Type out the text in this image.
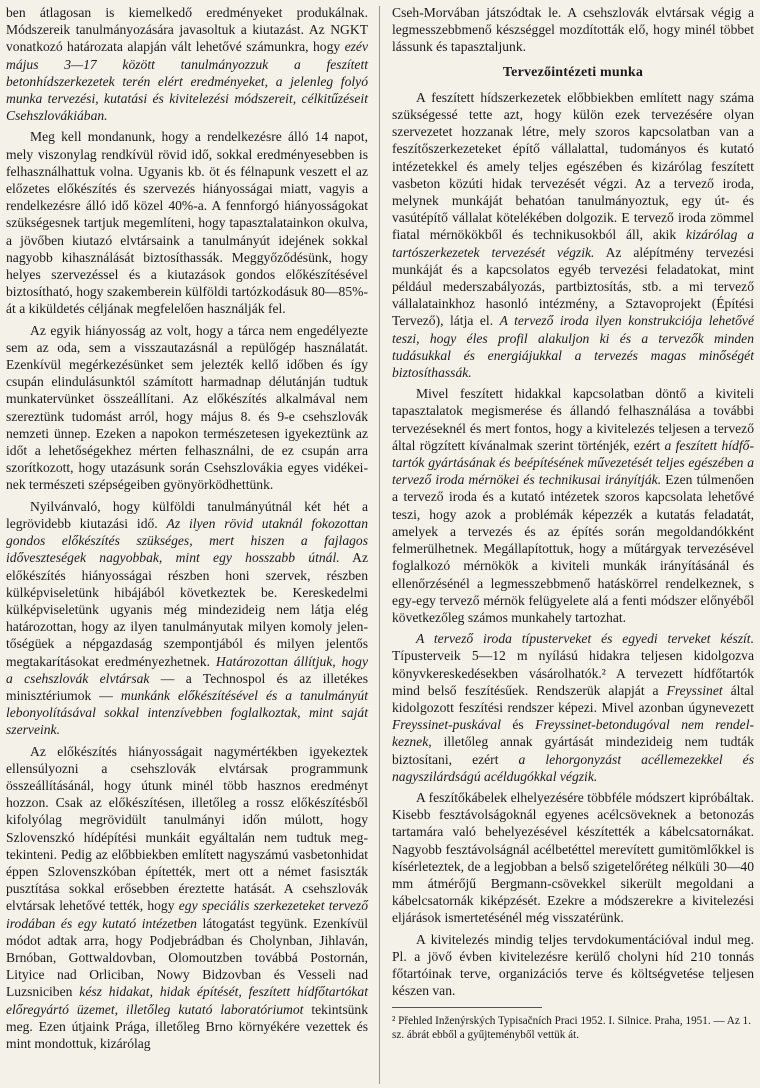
ben átlagosan is kiemelkedő eredményeket produkálnak. Módszereik tanulmányozására javasoltuk a kiutazást. Az NGKT vonatkozó határozata alapján vált lehetővé számunkra, hogy ezév május 3—17 között tanulmányozzuk a feszített betonhídszerkezetek terén elért eredményeket, a jelenleg folyó munka tervezési, kutatási és kivitelezési módszereit, célkitűzéseit Csehszlovákiában.

Meg kell mondanunk, hogy a rendelkezésre álló 14 napot, mely viszonylag rendkívül rövid idő, sokkal eredményesebben is felhasználhattuk volna. Ugyanis kb. öt és félnapunk veszett el az előzetes előkészítés és szervezés hiányosságai miatt, vagyis a rendelkezésre álló idő közel 40%-a. A fennforgó hiányosságokat szükségesnek tartjuk megemlíteni, hogy tapasztalatainkon okulva, a jövőben kiutazó elvtársaink a tanulmányút idejének sokkal nagyobb kihasználását biztosíthassák. Meggyőződésünk, hogy helyes szervezéssel és a kiutazások gondos előkészítésével biztosítható, hogy szakemberein külföldi tartózkodásuk 80—85%-át a kiküldetés céljának megfelelően használják fel.

Az egyik hiányosság az volt, hogy a tárca nem engedélyezte sem az oda, sem a visszautazásnál a repülőgép használatát. Ezenkívül megérkezésünket sem jelezték kellő időben és így csupán elindulásunktól számított harmadnap délutánján tudtuk munkatervünket összeállítani. Az előkészítés alkalmával nem szereztünk tudomást arról, hogy május 8. és 9-e csehszlovák nemzeti ünnep. Ezeken a napokon természetesen igyekeztünk az időt a lehetőségekhez mérten felhasználni, de ez csupán arra szorítkozott, hogy utazásunk során Csehszlovákia egyes vidékeinek természeti szépségeiben gyönyörködhettünk.

Nyilvánvaló, hogy külföldi tanulmányútnál két hét a legrövidebb kiutazási idő. Az ilyen rövid utaknál fokozottan gondos előkészítés szükséges, mert hiszen a fajlagos időveszteségek nagyobbak, mint egy hosszabb útnál. Az előkészítés hiányosságai részben honi szervek, részben külképviseletünk hibájából következtek be. Kereskedelmi külképviseletünk ugyanis még mindezideig nem látja elég határozottan, hogy az ilyen tanulmányutak milyen komoly jelentőségüek a népgazdaság szempontjából és milyen jelentős megtakarításokat eredményezhetnek. Határozottan állítjuk, hogy a csehszlovák elvtársak — a Technospol és az illetékes minisztériumok — munkánk előkészítésével és a tanulmányút lebonyolításával sokkal intenzívebben foglalkoztak, mint saját szerveink.

Az előkészítés hiányosságait nagymértékben igyekeztek ellensúlyozni a csehszlovák elvtársak programmunk összeállításánál, hogy útunk minél több hasznos eredményt hozzon. Csak az előkészítésen, illetőleg a rossz előkészítésből kifolyólag megrövidült tanulmányi időn múlott, hogy Szlovenszkó hídépítési munkáit egyáltalán nem tudtuk megtekinteni. Pedig az előbbiekben említett nagyszámú vasbetonhidat éppen Szlovenszkóban építették, mert ott a német fasiszták pusztítása sokkal erősebben éreztette hatását. A csehszlovák elvtársak lehetővé tették, hogy egy speciális szerkezeteket tervező irodában és egy kutató intézetben látogatást tegyünk. Ezenkívül módot adtak arra, hogy Podjebrádban és Cholynban, Jihlaván, Brnóban, Gottwaldovban, Olomoutzben továbbá Postornán, Lityice nad Orliciban, Nowy Bidzovban és Vesseli nad Luzsniciben kész hidakat, hidak építését, feszített hídfőtartókat előregyártó üzemet, illetőleg kutató laboratóriumot tekintsünk meg. Ezen útjaink Prága, illetőleg Brno környékére vezettek és mint mondottuk, kizárólag

Cseh-Morvában játszódtak le. A csehszlovák elvtársak végig a legmesszebbmenő készséggel mozdították elő, hogy minél többet lássunk és tapasztaljunk.

Tervezőintézeti munka

A feszített hídszerkezetek előbbiekben említett nagy száma szükségessé tette azt, hogy külön ezek tervezésére olyan szervezetet hozzanak létre, mely szoros kapcsolatban van a feszítőszerkezeteket építő vállalattal, tudományos és kutató intézetekkel és amely teljes egészében és kizárólag feszített vasbeton közúti hidak tervezését végzi. Az a tervező iroda, melynek munkáját behatóan tanulmányoztuk, egy út- és vasútépítő vállalat kötelékében dolgozik. E tervező iroda zömmel fiatal mérnökökből és technikusokból áll, akik kizárólag a tartószerkezetek tervezését végzik. Az alépítmény tervezési munkáját és a kapcsolatos egyéb tervezési feladatokat, mint például mederszabályozás, partbiztosítás, stb. a mi tervező vállalatainkhoz hasonló intézmény, a Sztavoprojekt (Építési Tervező), látja el. A tervező iroda ilyen konstrukciója lehetővé teszi, hogy éles profil alakuljon ki és a tervezők minden tudásukkal és energiájukkal a tervezés magas minőségét biztosíthassák.

Mivel feszített hidakkal kapcsolatban döntő a kiviteli tapasztalatok megismerése és állandó felhasználása a további tervezéseknél és mert fontos, hogy a kivitelezés teljesen a tervező által rögzített kívánalmak szerint történjék, ezért a feszített hídfőtartók gyártásának és beépítésének művezetését teljes egészében a tervező iroda mérnökei és technikusai irányítják. Ezen túlmenően a tervező iroda és a kutató intézetek szoros kapcsolata lehetővé teszi, hogy azok a problémák képezzék a kutatás feladatát, amelyek a tervezés és az építés során megoldandókként felmerülhetnek. Megállapítottuk, hogy a műtárgyak tervezésével foglalkozó mérnökök a kiviteli munkák irányításánál és ellenőrzésénél a legmesszebbmenő hatáskörrel rendelkeznek, s egy-egy tervező mérnök felügyelete alá a fenti módszer előnyéből következőleg számos munkahely tartozhat.

A tervező iroda típusterveket és egyedi terveket készít. Típusterveik 5—12 m nyílású hidakra teljesen kidolgozva könyvkereskedésekben vásárolhatók.² A tervezett hídfőtartók mind belső feszítésűek. Rendszerük alapját a Freyssinet által kidolgozott feszítési rendszer képezi. Mivel azonban úgynevezett Freyssinet-puskával és Freyssinet-betondugóval nem rendelkeznek, illetőleg annak gyártását mindezideig nem tudták biztosítani, ezért a lehorgonyzást acéllemezekkel és nagyszilárdságú acéldugókkal végzik.

A feszítőkábelek elhelyezésére többféle módszert kipróbáltak. Kisebb fesztávolságoknál egyenes acélcsöveknek a betonozás tartamára való behelyezésével készítették a kábelcsatornákat. Nagyobb fesztávolságnál acélbetéttel merevített gumitömlőkkel is kísérleteztek, de a legjobban a belső szigetelőréteg nélküli 30—40 mm átmérőjű Bergmann-csövekkel sikerült megoldani a kábelcsatornák kiképzését. Ezekre a módszerekre a kivitelezési eljárások ismertetésénél még visszatérünk.

A kivitelezés mindig teljes tervdokumentációval indul meg. Pl. a jövő évben kivitelezésre kerülő cholyni híd 210 tonnás főtartóinak terve, organizációs terve és költségvetése teljesen készen van.

² Přehled Inženýrských Typisačních Praci 1952. I. Silnice. Praha, 1951. — Az 1. sz. ábrát ebből a gyűjteményből vettük át.
